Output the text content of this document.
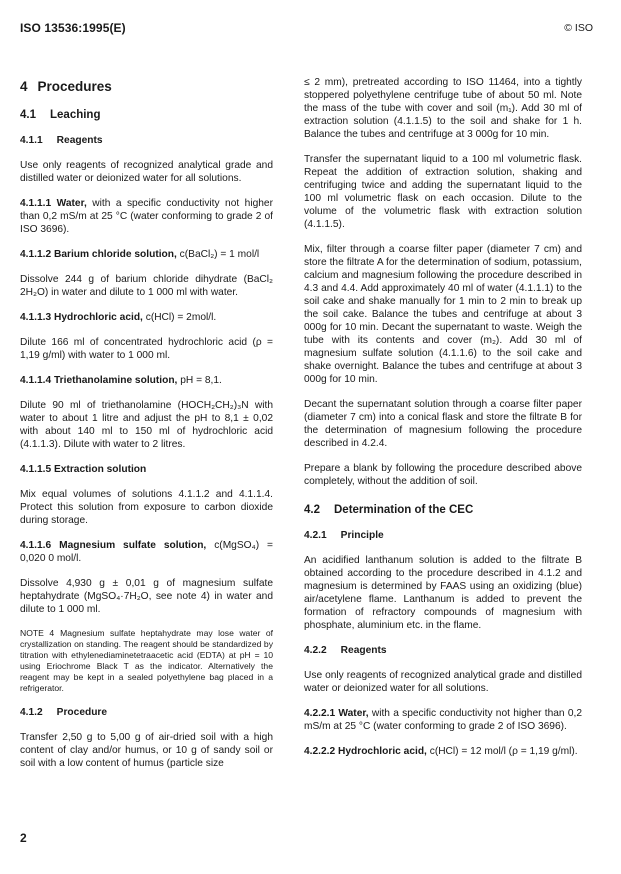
ISO 13536:1995(E)	© ISO
4 Procedures
4.1 Leaching
4.1.1 Reagents

Use only reagents of recognized analytical grade and distilled water or deionized water for all solutions.

4.1.1.1 Water, with a specific conductivity not higher than 0,2 mS/m at 25 °C (water conforming to grade 2 of ISO 3696).

4.1.1.2 Barium chloride solution, c(BaCl₂) = 1 mol/l

Dissolve 244 g of barium chloride dihydrate (BaCl₂ 2H₂O) in water and dilute to 1 000 ml with water.

4.1.1.3 Hydrochloric acid, c(HCl) = 2mol/l.

Dilute 166 ml of concentrated hydrochloric acid (ρ = 1,19 g/ml) with water to 1 000 ml.

4.1.1.4 Triethanolamine solution, pH = 8,1.

Dilute 90 ml of triethanolamine (HOCH₂CH₂)₃N with water to about 1 litre and adjust the pH to 8,1 ± 0,02 with about 140 ml to 150 ml of hydrochloric acid (4.1.1.3). Dilute with water to 2 litres.

4.1.1.5 Extraction solution

Mix equal volumes of solutions 4.1.1.2 and 4.1.1.4. Protect this solution from exposure to carbon dioxide during storage.

4.1.1.6 Magnesium sulfate solution, c(MgSO₄) = 0,020 0 mol/l.

Dissolve 4,930 g ± 0,01 g of magnesium sulfate heptahydrate (MgSO₄·7H₂O, see note 4) in water and dilute to 1 000 ml.

NOTE 4 Magnesium sulfate heptahydrate may lose water of crystallization on standing. The reagent should be standardized by titration with ethylenediaminetetraacetic acid (EDTA) at pH = 10 using Eriochrome Black T as the indicator. Alternatively the reagent may be kept in a sealed polyethylene bag placed in a refrigerator.

4.1.2 Procedure

Transfer 2,50 g to 5,00 g of air-dried soil with a high content of clay and/or humus, or 10 g of sandy soil or soil with a low content of humus (particle size

≤ 2 mm), pretreated according to ISO 11464, into a tightly stoppered polyethylene centrifuge tube of about 50 ml. Note the mass of the tube with cover and soil (m₁). Add 30 ml of extraction solution (4.1.1.5) to the soil and shake for 1 h. Balance the tubes and centrifuge at 3 000g for 10 min.

Transfer the supernatant liquid to a 100 ml volumetric flask. Repeat the addition of extraction solution, shaking and centrifuging twice and adding the supernatant liquid to the 100 ml volumetric flask on each occasion. Dilute to the volume of the volumetric flask with extraction solution (4.1.1.5).

Mix, filter through a coarse filter paper (diameter 7 cm) and store the filtrate A for the determination of sodium, potassium, calcium and magnesium following the procedure described in 4.3 and 4.4. Add approximately 40 ml of water (4.1.1.1) to the soil cake and shake manually for 1 min to 2 min to break up the soil cake. Balance the tubes and centrifuge at about 3 000g for 10 min. Decant the supernatant to waste. Weigh the tube with its contents and cover (m₂). Add 30 ml of magnesium sulfate solution (4.1.1.6) to the soil cake and shake overnight. Balance the tubes and centrifuge at about 3 000g for 10 min.

Decant the supernatant solution through a coarse filter paper (diameter 7 cm) into a conical flask and store the filtrate B for the determination of magnesium following the procedure described in 4.2.4.

Prepare a blank by following the procedure described above completely, without the addition of soil.

4.2 Determination of the CEC
4.2.1 Principle

An acidified lanthanum solution is added to the filtrate B obtained according to the procedure described in 4.1.2 and magnesium is determined by FAAS using an oxidizing (blue) air/acetylene flame. Lanthanum is added to prevent the formation of refractory compounds of magnesium with phosphate, aluminium etc. in the flame.

4.2.2 Reagents

Use only reagents of recognized analytical grade and distilled water or deionized water for all solutions.

4.2.2.1 Water, with a specific conductivity not higher than 0,2 mS/m at 25 °C (water conforming to grade 2 of ISO 3696).

4.2.2.2 Hydrochloric acid, c(HCl) = 12 mol/l (ρ = 1,19 g/ml).

2
